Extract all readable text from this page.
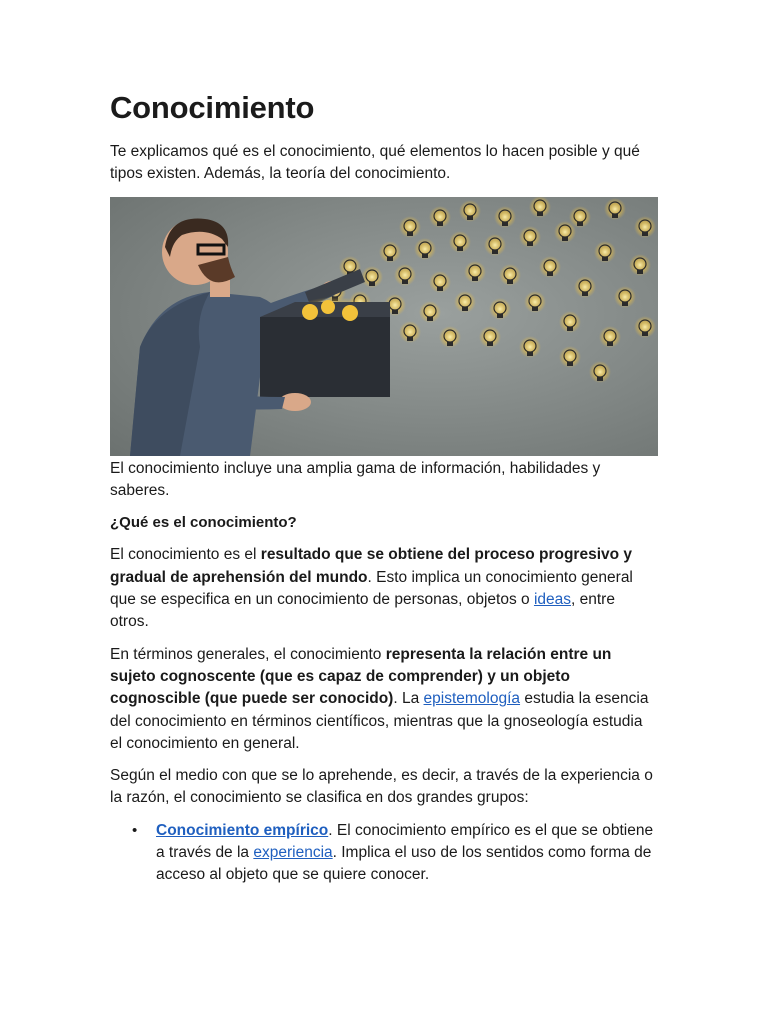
Conocimiento

Te explicamos qué es el conocimiento, qué elementos lo hacen posible y qué tipos existen. Además, la teoría del conocimiento.

El conocimiento incluye una amplia gama de información, habilidades y saberes.

¿Qué es el conocimiento?

El conocimiento es el resultado que se obtiene del proceso progresivo y gradual de aprehensión del mundo. Esto implica un conocimiento general que se especifica en un conocimiento de personas, objetos o ideas, entre otros.

En términos generales, el conocimiento representa la relación entre un sujeto cognoscente (que es capaz de comprender) y un objeto cognoscible (que puede ser conocido). La epistemología estudia la esencia del conocimiento en términos científicos, mientras que la gnoseología estudia el conocimiento en general.

Según el medio con que se lo aprehende, es decir, a través de la experiencia o la razón, el conocimiento se clasifica en dos grandes grupos:

• Conocimiento empírico. El conocimiento empírico es el que se obtiene a través de la experiencia. Implica el uso de los sentidos como forma de acceso al objeto que se quiere conocer.
